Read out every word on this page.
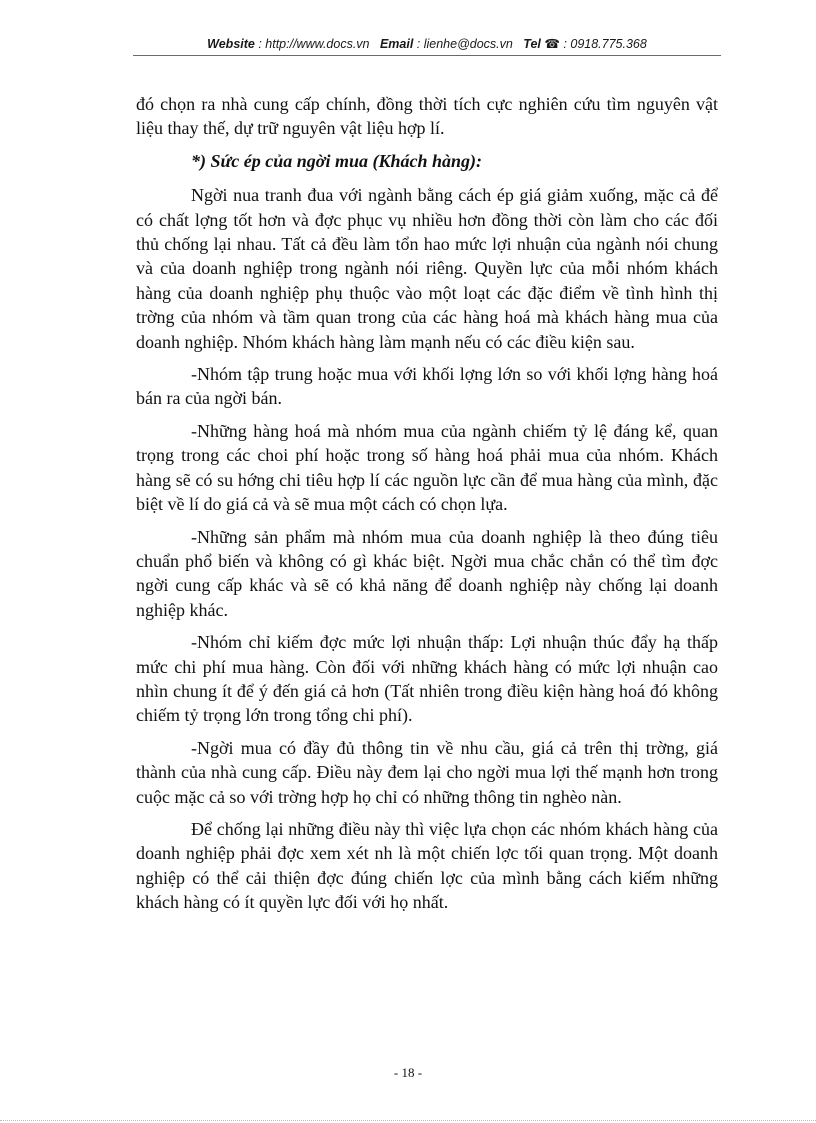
Website : http://www.docs.vn Email : lienhe@docs.vn Tel ☎ : 0918.775.368

đó chọn ra nhà cung cấp chính, đồng thời tích cực nghiên cứu tìm nguyên vật liệu thay thế, dự trữ nguyên vật liệu hợp lí.

*) Sức ép của ngời mua (Khách hàng):

Ngời nua tranh đua với ngành bằng cách ép giá giảm xuống, mặc cả để có chất lợng tốt hơn và đợc phục vụ nhiều hơn đồng thời còn làm cho các đối thủ chống lại nhau. Tất cả đều làm tổn hao mức lợi nhuận của ngành nói chung và của doanh nghiệp trong ngành nói riêng. Quyền lực của mỗi nhóm khách hàng của doanh nghiệp phụ thuộc vào một loạt các đặc điểm về tình hình thị trờng của nhóm và tầm quan trong của các hàng hoá mà khách hàng mua của doanh nghiệp. Nhóm khách hàng làm mạnh nếu có các điều kiện sau.

-Nhóm tập trung hoặc mua với khối lợng lớn so với khối lợng hàng hoá bán ra của ngời bán.

-Những hàng hoá mà nhóm mua của ngành chiếm tỷ lệ đáng kể, quan trọng trong các choi phí hoặc trong số hàng hoá phải mua của nhóm. Khách hàng sẽ có su hớng chi tiêu hợp lí các nguồn lực cần để mua hàng của mình, đặc biệt về lí do giá cả và sẽ mua một cách có chọn lựa.

-Những sản phẩm mà nhóm mua của doanh nghiệp là theo đúng tiêu chuẩn phổ biến và không có gì khác biệt. Ngời mua chắc chắn có thể tìm đợc ngời cung cấp khác và sẽ có khả năng để doanh nghiệp này chống lại doanh nghiệp khác.

-Nhóm chỉ kiếm đợc mức lợi nhuận thấp: Lợi nhuận thúc đẩy hạ thấp mức chi phí mua hàng. Còn đối với những khách hàng có mức lợi nhuận cao nhìn chung ít để ý đến giá cả hơn (Tất nhiên trong điều kiện hàng hoá đó không chiếm tỷ trọng lớn trong tổng chi phí).

-Ngời mua có đầy đủ thông tin về nhu cầu, giá cả trên thị trờng, giá thành của nhà cung cấp. Điều này đem lại cho ngời mua lợi thế mạnh hơn trong cuộc mặc cả so với trờng hợp họ chỉ có những thông tin nghèo nàn.

Để chống lại những điều này thì việc lựa chọn các nhóm khách hàng của doanh nghiệp phải đợc xem xét nh là một chiến lợc tối quan trọng. Một doanh nghiệp có thể cải thiện đợc đúng chiến lợc của mình bằng cách kiếm những khách hàng có ít quyền lực đối với họ nhất.

- 18 -
